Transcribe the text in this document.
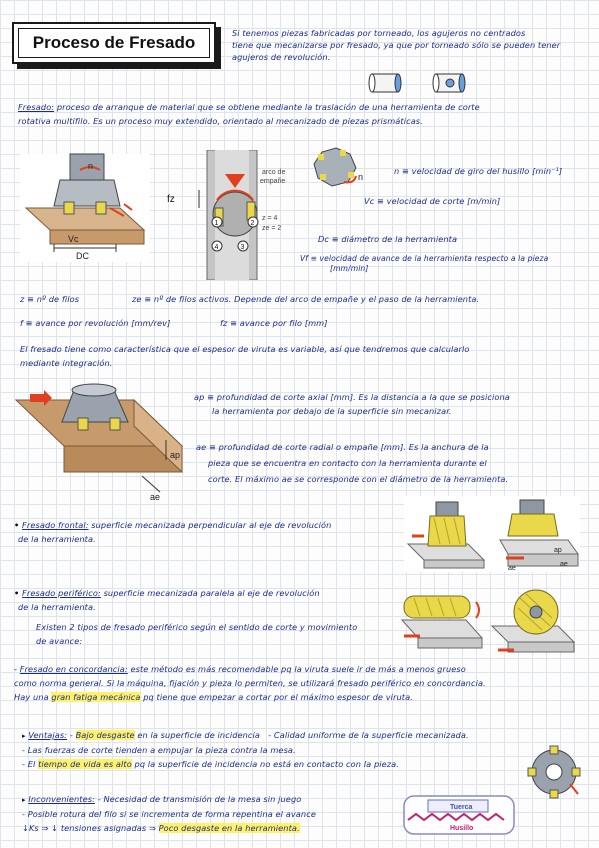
Proceso de Fresado	Si tenemos piezas fabricadas por torneado, los agujeros no centrados
tiene que mecanizarse por fresado, ya que por torneado sólo se pueden tener
agujeros de revolución.
Fresado: proceso de arranque de material que se obtiene mediante la traslación de una herramienta de corte
rotativa multifilo. Es un proceso muy extendido, orientado al mecanizado de piezas prismáticas.
n
Vc
DC
1	2
3
4
fz
arco de
empañe
z = 4
ze = 2
n
n ≡ velocidad de giro del husillo [min⁻¹]
Vc ≡ velocidad de corte [m/min]
Dc ≡ diámetro de la herramienta
Vf ≡ velocidad de avance de la herramienta respecto a la pieza
[mm/min]
z ≡ nº de filos	ze ≡ nº de filos activos. Depende del arco de empañe y el paso de la herramienta.
f ≡ avance por revolución [mm/rev]	fz ≡ avance por filo [mm]
El fresado tiene como característica que el espesor de viruta es variable, así que tendremos que calcularlo
mediante integración.
ap
ae
ap ≡ profundidad de corte axial [mm]. Es la distancia a la que se posiciona
la herramienta por debajo de la superficie sin mecanizar.
ae ≡ profundidad de corte radial o empañe [mm]. Es la anchura de la
pieza que se encuentra en contacto con la herramienta durante el
corte. El máximo ae se corresponde con el diámetro de la herramienta.
• Fresado frontal: superficie mecanizada perpendicular al eje de revolución
de la herramienta.
ae
ap
ae
• Fresado periférico: superficie mecanizada paralela al eje de revolución
de la herramienta.
Existen 2 tipos de fresado periférico según el sentido de corte y movimiento
de avance:
- Fresado en concordancia: este método es más recomendable pq la viruta suele ir de más a menos grueso
como norma general. Si la máquina, fijación y pieza lo permiten, se utilizará fresado periférico en concordancia.
Hay una gran fatiga mecánica pq tiene que empezar a cortar por el máximo espesor de viruta.
▸ Ventajas: - Bajo desgaste en la superficie de incidencia - Calidad uniforme de la superficie mecanizada.
- Las fuerzas de corte tienden a empujar la pieza contra la mesa.
- El tiempo de vida es alto pq la superficie de incidencia no está en contacto con la pieza.
▸ Inconvenientes: - Necesidad de transmisión de la mesa sin juego
- Posible rotura del filo si se incrementa de forma repentina el avance
↓Ks ⇒ ↓ tensiones asignadas ⇒ Poco desgaste en la herramienta.
Tuerca
Husillo
